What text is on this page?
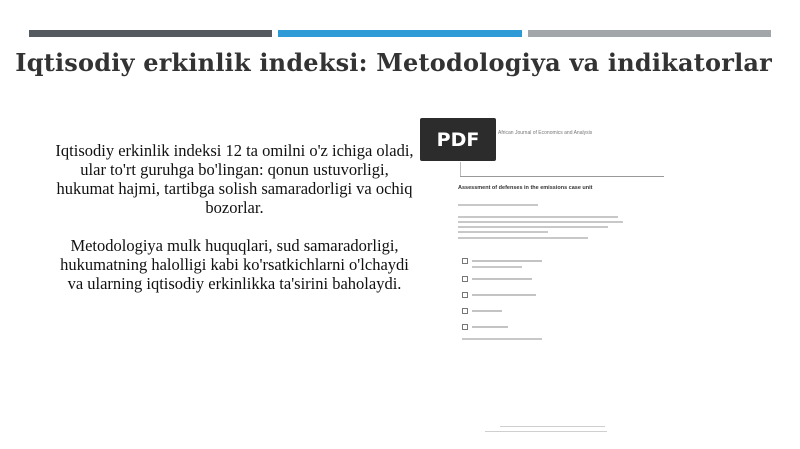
Iqtisodiy erkinlik indeksi: Metodologiya va indikatorlar

Iqtisodiy erkinlik indeksi 12 ta omilni o'z ichiga oladi, ular to'rt guruhga bo'lingan: qonun ustuvorligi, hukumat hajmi, tartibga solish samaradorligi va ochiq bozorlar.

Metodologiya mulk huquqlari, sud samaradorligi, hukumatning halolligi kabi ko'rsatkichlarni o'lchaydi va ularning iqtisodiy erkinlikka ta'sirini baholaydi.

PDF	African Journal of Economics and Analysis
Assessment of defenses in the emissions case unit
